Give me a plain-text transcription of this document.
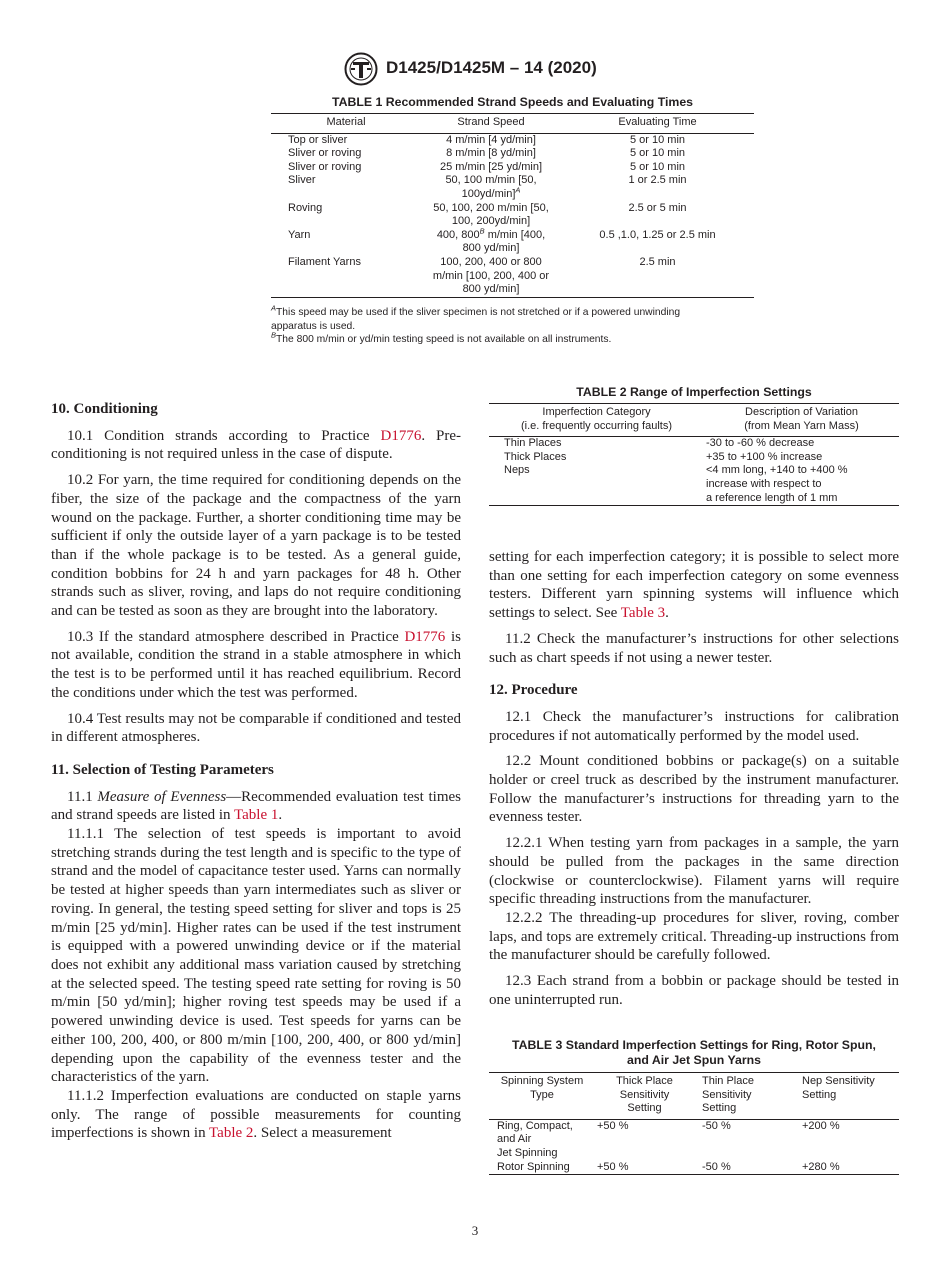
D1425/D1425M – 14 (2020)
TABLE 1 Recommended Strand Speeds and Evaluating Times
Material	Strand Speed	Evaluating Time
Top or sliver	4 m/min [4 yd/min]	5 or 10 min
Sliver or roving	8 m/min [8 yd/min]	5 or 10 min
Sliver or roving	25 m/min [25 yd/min]	5 or 10 min
Sliver	50, 100 m/min [50,
100yd/min]$^A$	1 or 2.5 min
Roving	50, 100, 200 m/min [50,
100, 200yd/min]	2.5 or 5 min
Yarn	400, $800^B$ m/min [400,
800 yd/min]	0.5 ,1.0, 1.25 or 2.5 min
Filament Yarns	100, 200, 400 or 800
m/min [100, 200, 400 or
800 yd/min]	2.5 min
$^A$This speed may be used if the sliver specimen is not stretched or if a powered unwinding apparatus is used.
$^B$The 800 m/min or yd/min testing speed is not available on all instruments.
TABLE 2 Range of Imperfection Settings
Imperfection Category
(i.e. frequently occurring faults)	Description of Variation
(from Mean Yarn Mass)
Thin Places	-30 to -60 % decrease
Thick Places	+35 to +100 % increase
Neps	<4 mm long, +140 to +400 %
increase with respect to
a reference length of 1 mm
10. Conditioning

10.1 Condition strands according to Practice D1776. Pre-conditioning is not required unless in the case of dispute.

10.2 For yarn, the time required for conditioning depends on the fiber, the size of the package and the compactness of the yarn wound on the package. Further, a shorter conditioning time may be sufficient if only the outside layer of a yarn package is to be tested than if the whole package is to be tested. As a general guide, condition bobbins for 24 h and yarn packages for 48 h. Other strands such as sliver, roving, and laps do not require conditioning and can be tested as soon as they are brought into the laboratory.

10.3 If the standard atmosphere described in Practice D1776 is not available, condition the strand in a stable atmosphere in which the test is to be performed until it has reached equilibrium. Record the conditions under which the test was performed.

10.4 Test results may not be comparable if conditioned and tested in different atmospheres.

11. Selection of Testing Parameters

11.1 Measure of Evenness—Recommended evaluation test times and strand speeds are listed in Table 1.

11.1.1 The selection of test speeds is important to avoid stretching strands during the test length and is specific to the type of strand and the model of capacitance tester used. Yarns can normally be tested at higher speeds than yarn intermediates such as sliver or roving. In general, the testing speed setting for sliver and tops is 25 m/min [25 yd/min]. Higher rates can be used if the test instrument is equipped with a powered unwinding device or if the material does not exhibit any additional mass variation caused by stretching at the selected speed. The testing speed rate setting for roving is 50 m/min [50 yd/min]; higher roving test speeds may be used if a powered unwinding device is used. Test speeds for yarns can be either 100, 200, 400, or 800 m/min [100, 200, 400, or 800 yd/min] depending upon the capability of the evenness tester and the characteristics of the yarn.

11.1.2 Imperfection evaluations are conducted on staple yarns only. The range of possible measurements for counting imperfections is shown in Table 2. Select a measurement

setting for each imperfection category; it is possible to select more than one setting for each imperfection category on some evenness testers. Different yarn spinning systems will influence which settings to select. See Table 3.

11.2 Check the manufacturer’s instructions for other selections such as chart speeds if not using a newer tester.

12. Procedure

12.1 Check the manufacturer’s instructions for calibration procedures if not automatically performed by the model used.

12.2 Mount conditioned bobbins or package(s) on a suitable holder or creel truck as described by the instrument manufacturer. Follow the manufacturer’s instructions for threading yarn to the evenness tester.

12.2.1 When testing yarn from packages in a sample, the yarn should be pulled from the packages in the same direction (clockwise or counterclockwise). Filament yarns will require specific threading instructions from the manufacturer.

12.2.2 The threading-up procedures for sliver, roving, comber laps, and tops are extremely critical. Threading-up instructions from the manufacturer should be carefully followed.

12.3 Each strand from a bobbin or package should be tested in one uninterrupted run.

TABLE 3 Standard Imperfection Settings for Ring, Rotor Spun,
and Air Jet Spun Yarns
Spinning System
Type	Thick Place
Sensitivity
Setting	Thin Place
Sensitivity
Setting	Nep Sensitivity
Setting
Ring, Compact,
and Air
Jet Spinning	+50 %	-50 %	+200 %
Rotor Spinning	+50 %	-50 %	+280 %
3
